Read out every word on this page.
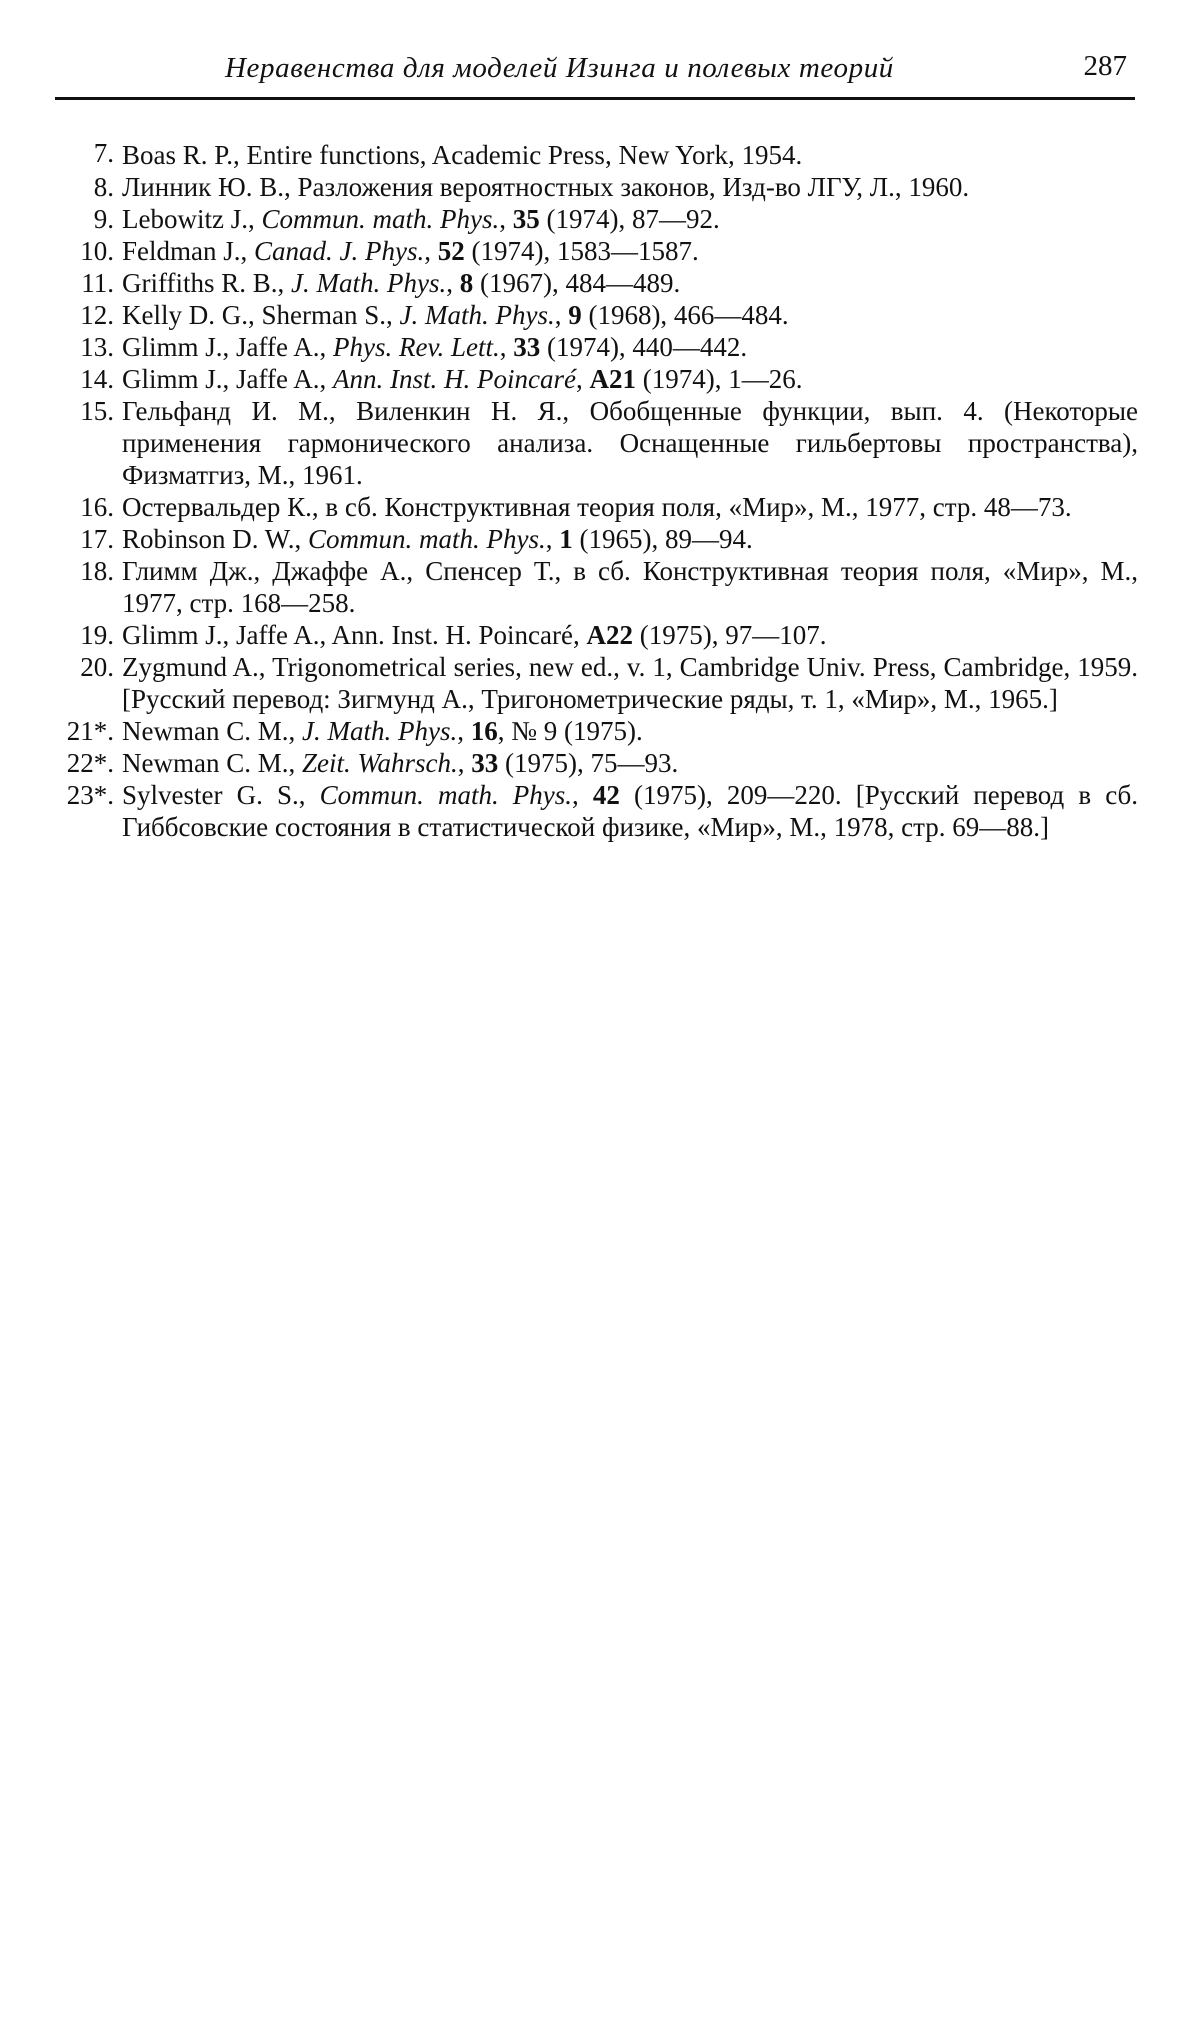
Неравенства для моделей Изинга и полевых теорий	287
7. Boas R. P., Entire functions, Academic Press, New York, 1954.
8. Линник Ю. В., Разложения вероятностных законов, Изд-во ЛГУ, Л., 1960.
9. Lebowitz J., Commun. math. Phys., 35 (1974), 87—92.
10. Feldman J., Canad. J. Phys., 52 (1974), 1583—1587.
11. Griffiths R. B., J. Math. Phys., 8 (1967), 484—489.
12. Kelly D. G., Sherman S., J. Math. Phys., 9 (1968), 466—484.
13. Glimm J., Jaffe A., Phys. Rev. Lett., 33 (1974), 440—442.
14. Glimm J., Jaffe A., Ann. Inst. H. Poincaré, A21 (1974), 1—26.
15. Гельфанд И. М., Виленкин Н. Я., Обобщенные функции, вып. 4. (Некоторые применения гармонического анализа. Оснащенные гильбертовы пространства), Физматгиз, М., 1961.
16. Остервальдер К., в сб. Конструктивная теория поля, «Мир», М., 1977, стр. 48—73.
17. Robinson D. W., Commun. math. Phys., 1 (1965), 89—94.
18. Глимм Дж., Джаффе А., Спенсер Т., в сб. Конструктивная теория поля, «Мир», М., 1977, стр. 168—258.
19. Glimm J., Jaffe A., Ann. Inst. H. Poincaré, A22 (1975), 97—107.
20. Zygmund A., Trigonometrical series, new ed., v. 1, Cambridge Univ. Press, Cambridge, 1959. [Русский перевод: Зигмунд А., Тригонометрические ряды, т. 1, «Мир», М., 1965.]
21*. Newman C. M., J. Math. Phys., 16, № 9 (1975).
22*. Newman C. M., Zeit. Wahrsch., 33 (1975), 75—93.
23*. Sylvester G. S., Commun. math. Phys., 42 (1975), 209—220. [Русский перевод в сб. Гиббсовские состояния в статистической физике, «Мир», М., 1978, стр. 69—88.]
